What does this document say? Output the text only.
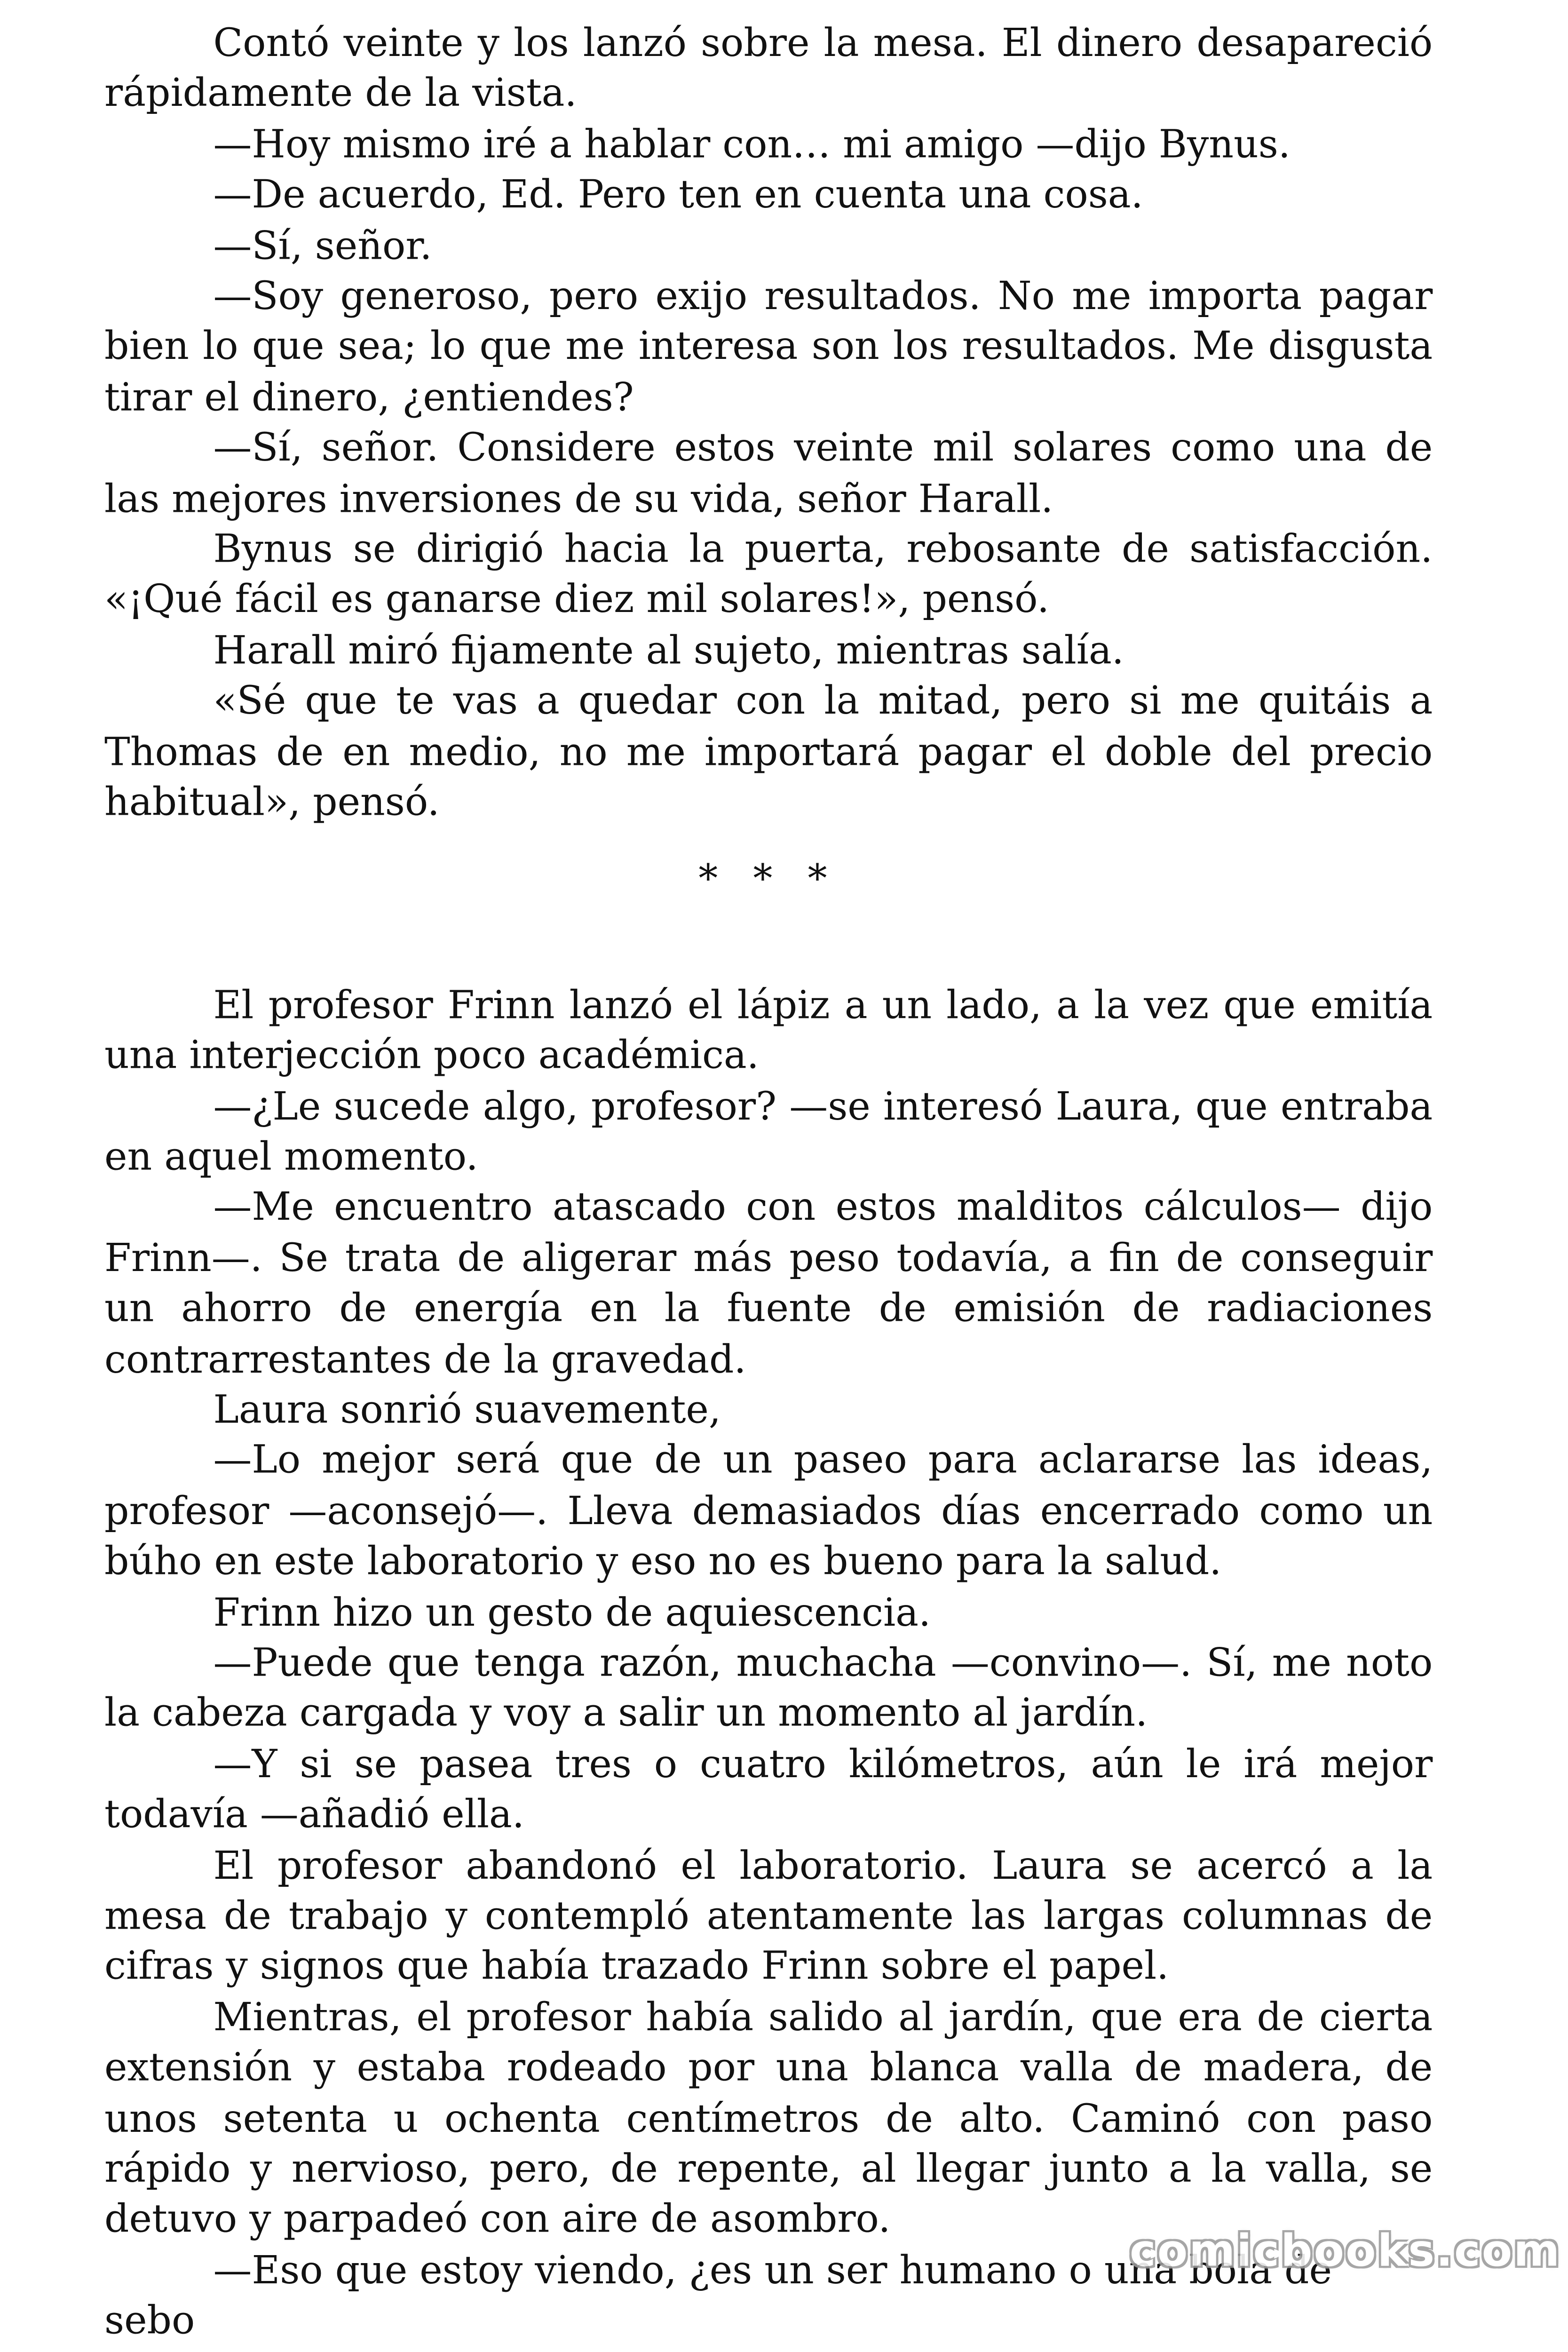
Contó veinte y los lanzó sobre la mesa. El dinero desapareció rápidamente de la vista.

—Hoy mismo iré a hablar con… mi amigo —dijo Bynus.

—De acuerdo, Ed. Pero ten en cuenta una cosa.

—Sí, señor.

—Soy generoso, pero exijo resultados. No me importa pagar bien lo que sea; lo que me interesa son los resultados. Me disgusta tirar el dinero, ¿entiendes?

—Sí, señor. Considere estos veinte mil solares como una de las mejores inversiones de su vida, señor Harall.

Bynus se dirigió hacia la puerta, rebosante de satisfacción. «¡Qué fácil es ganarse diez mil solares!», pensó.

Harall miró fijamente al sujeto, mientras salía.

«Sé que te vas a quedar con la mitad, pero si me quitáis a Thomas de en medio, no me importará pagar el doble del precio habitual», pensó.

* * *

El profesor Frinn lanzó el lápiz a un lado, a la vez que emitía una interjección poco académica.

—¿Le sucede algo, profesor? —se interesó Laura, que entraba en aquel momento.

—Me encuentro atascado con estos malditos cálculos— dijo Frinn—. Se trata de aligerar más peso todavía, a fin de conseguir un ahorro de energía en la fuente de emisión de radiaciones contrarrestantes de la gravedad.

Laura sonrió suavemente,

—Lo mejor será que de un paseo para aclararse las ideas, profesor —aconsejó—. Lleva demasiados días encerrado como un búho en este laboratorio y eso no es bueno para la salud.

Frinn hizo un gesto de aquiescencia.

—Puede que tenga razón, muchacha —convino—. Sí, me noto la cabeza cargada y voy a salir un momento al jardín.

—Y si se pasea tres o cuatro kilómetros, aún le irá mejor todavía —añadió ella.

El profesor abandonó el laboratorio. Laura se acercó a la mesa de trabajo y contempló atentamente las largas columnas de cifras y signos que había trazado Frinn sobre el papel.

Mientras, el profesor había salido al jardín, que era de cierta extensión y estaba rodeado por una blanca valla de madera, de unos setenta u ochenta centímetros de alto. Caminó con paso rápido y nervioso, pero, de repente, al llegar junto a la valla, se detuvo y parpadeó con aire de asombro.

—Eso que estoy viendo, ¿es un ser humano o una bola de sebo

comicbooks.com
